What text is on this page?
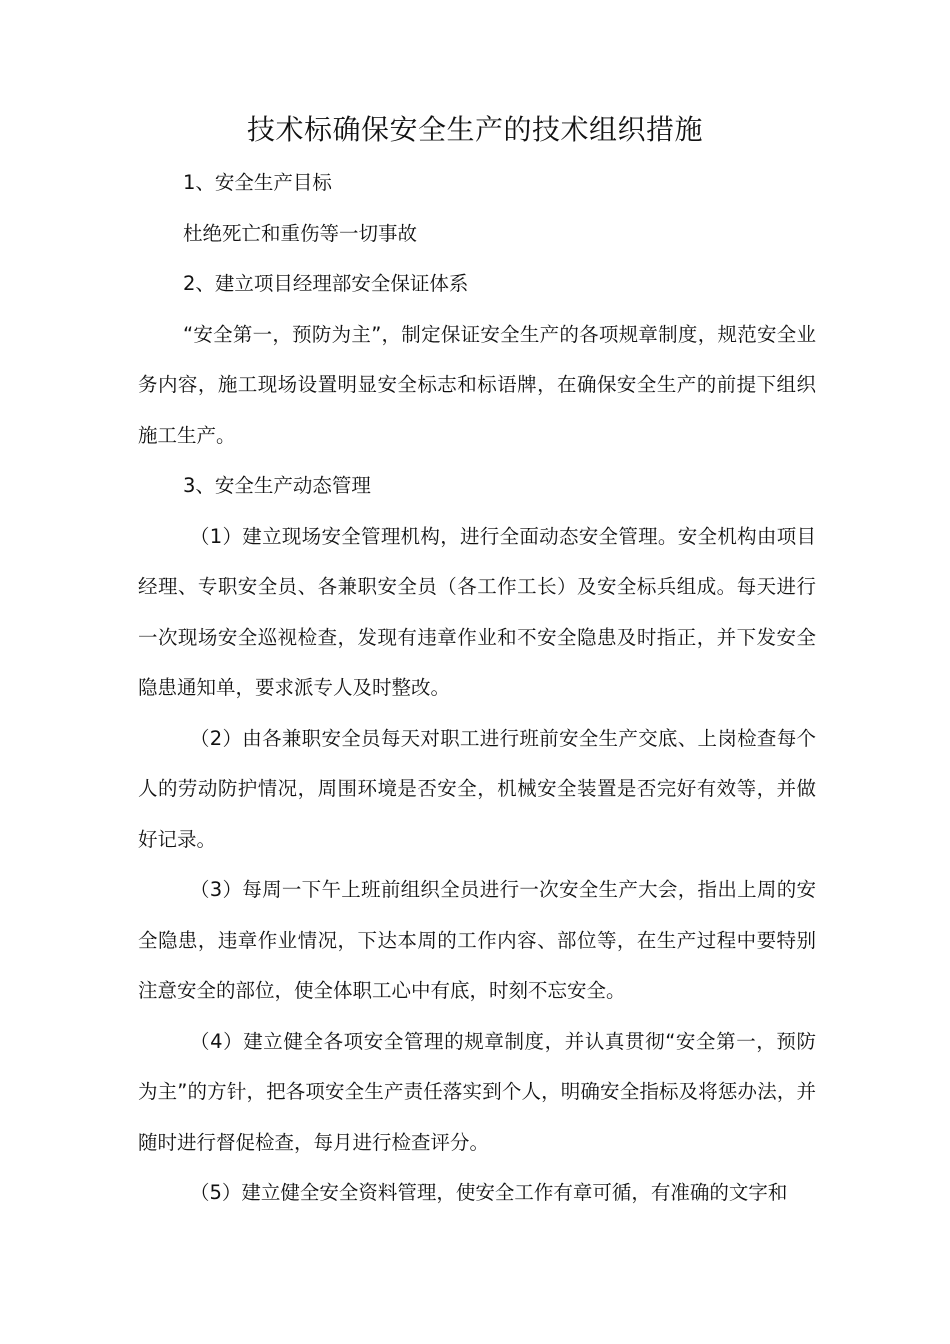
技术标确保安全生产的技术组织措施

1、安全生产目标

杜绝死亡和重伤等一切事故

2、建立项目经理部安全保证体系

“安全第一，预防为主”，制定保证安全生产的各项规章制度，规范安全业务内容，施工现场设置明显安全标志和标语牌，在确保安全生产的前提下组织施工生产。

3、安全生产动态管理

（1）建立现场安全管理机构，进行全面动态安全管理。安全机构由项目经理、专职安全员、各兼职安全员（各工作工长）及安全标兵组成。每天进行一次现场安全巡视检查，发现有违章作业和不安全隐患及时指正，并下发安全隐患通知单，要求派专人及时整改。

（2）由各兼职安全员每天对职工进行班前安全生产交底、上岗检查每个人的劳动防护情况，周围环境是否安全，机械安全装置是否完好有效等，并做好记录。

（3）每周一下午上班前组织全员进行一次安全生产大会，指出上周的安全隐患，违章作业情况，下达本周的工作内容、部位等，在生产过程中要特别注意安全的部位，使全体职工心中有底，时刻不忘安全。

（4）建立健全各项安全管理的规章制度，并认真贯彻“安全第一，预防为主”的方针，把各项安全生产责任落实到个人，明确安全指标及将惩办法，并随时进行督促检查，每月进行检查评分。

（5）建立健全安全资料管理，使安全工作有章可循，有准确的文字和
